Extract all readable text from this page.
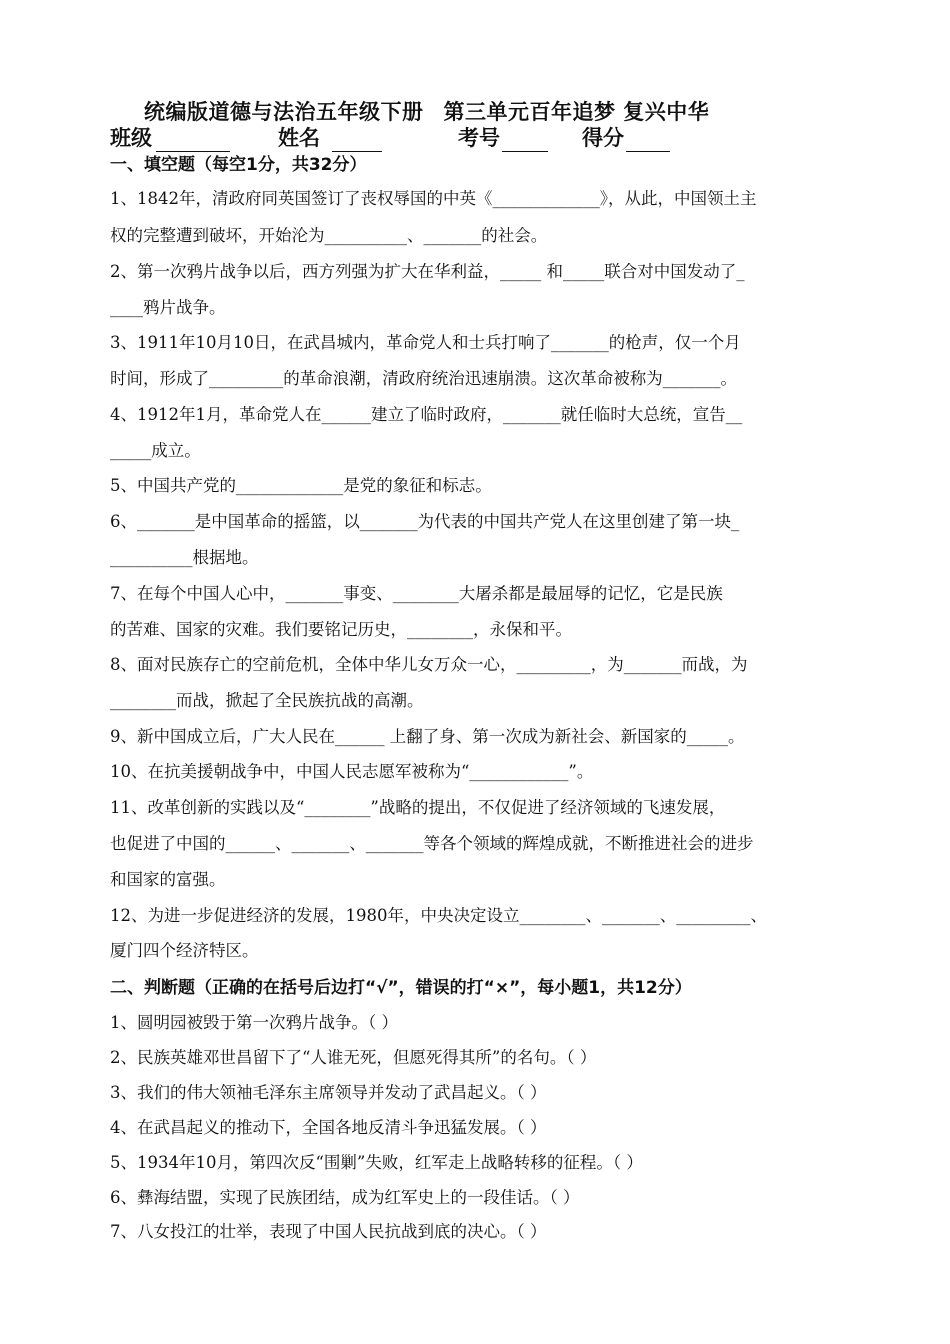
统编版道德与法治五年级下册 第三单元百年追梦 复兴中华
班级	姓名	考号	得分
一、填空题（每空1分，共32分）
1、1842年，清政府同英国签订了丧权辱国的中英《_____________》，从此，中国领土主
权的完整遭到破坏，开始沦为__________、_______的社会。
2、第一次鸦片战争以后，西方列强为扩大在华利益，_____ 和_____联合对中国发动了_
____鸦片战争。
3、1911年10月10日，在武昌城内，革命党人和士兵打响了_______的枪声，仅一个月
时间，形成了_________的革命浪潮，清政府统治迅速崩溃。这次革命被称为_______。
4、1912年1月，革命党人在______建立了临时政府，_______就任临时大总统，宣告__
_____成立。
5、中国共产党的_____________是党的象征和标志。
6、_______是中国革命的摇篮，以_______为代表的中国共产党人在这里创建了第一块_
__________根据地。
7、在每个中国人心中，_______事变、________大屠杀都是最屈辱的记忆，它是民族
的苦难、国家的灾难。我们要铭记历史，________，永保和平。
8、面对民族存亡的空前危机，全体中华儿女万众一心，_________，为_______而战，为
________而战，掀起了全民族抗战的高潮。
9、新中国成立后，广大人民在______ 上翻了身、第一次成为新社会、新国家的_____。
10、在抗美援朝战争中，中国人民志愿军被称为“____________”。
11、改革创新的实践以及“________”战略的提出，不仅促进了经济领域的飞速发展，
也促进了中国的______、_______、_______等各个领域的辉煌成就，不断推进社会的进步
和国家的富强。
12、为进一步促进经济的发展，1980年，中央决定设立________、_______、_________、
厦门四个经济特区。
二、判断题（正确的在括号后边打“√”，错误的打“×”，每小题1，共12分）
1、圆明园被毁于第一次鸦片战争。（ ）
2、民族英雄邓世昌留下了“人谁无死，但愿死得其所”的名句。（ ）
3、我们的伟大领袖毛泽东主席领导并发动了武昌起义。（ ）
4、在武昌起义的推动下，全国各地反清斗争迅猛发展。（ ）
5、1934年10月，第四次反“围剿”失败，红军走上战略转移的征程。（ ）
6、彝海结盟，实现了民族团结，成为红军史上的一段佳话。（ ）
7、八女投江的壮举，表现了中国人民抗战到底的决心。（ ）
